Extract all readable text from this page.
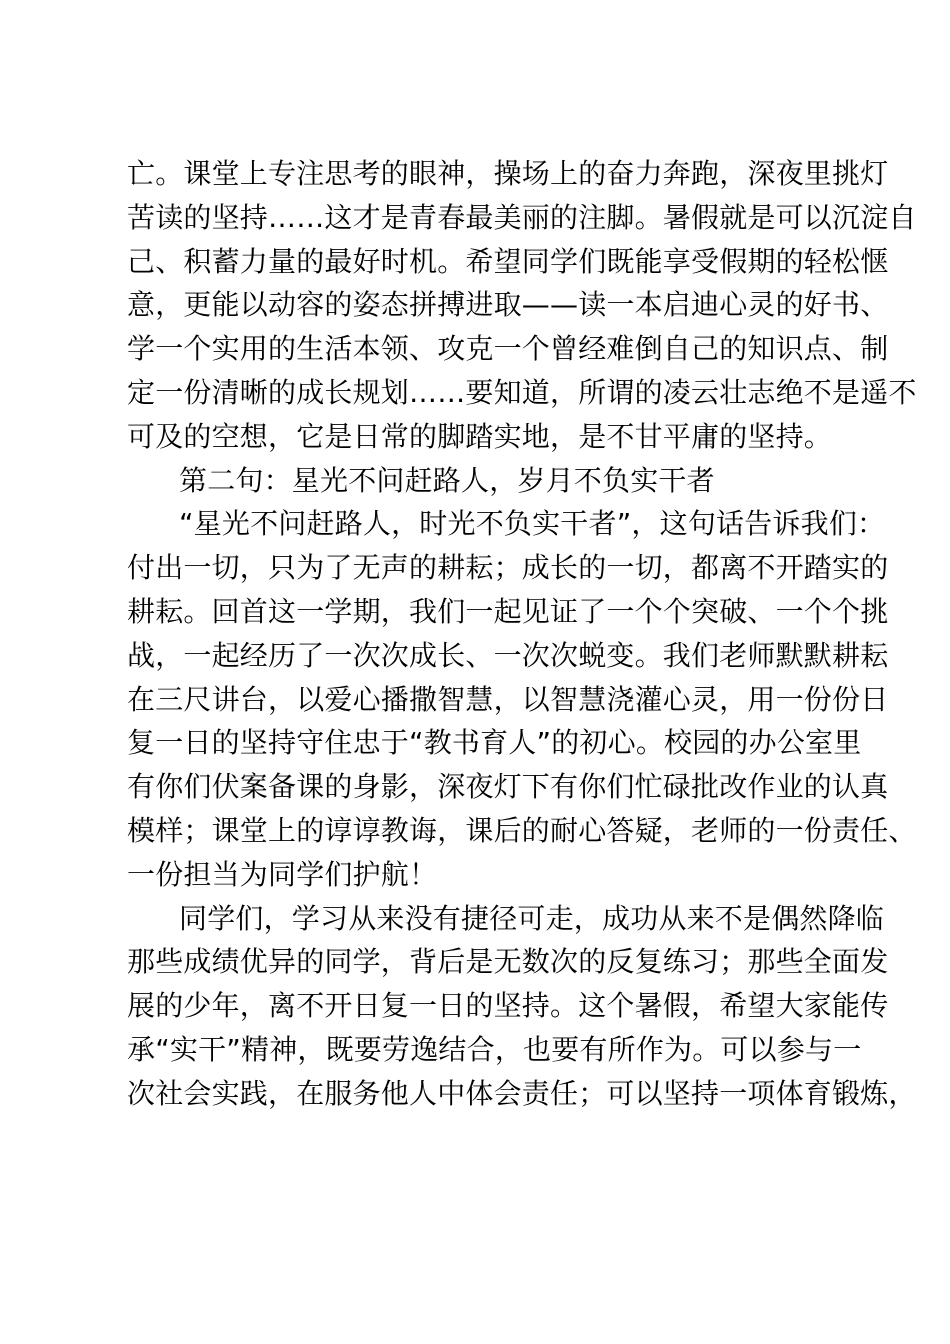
亡。课堂上专注思考的眼神，操场上的奋力奔跑，深夜里挑灯
苦读的坚持……这才是青春最美丽的注脚。暑假就是可以沉淀自
己、积蓄力量的最好时机。希望同学们既能享受假期的轻松惬
意，更能以动容的姿态拼搏进取——读一本启迪心灵的好书、
学一个实用的生活本领、攻克一个曾经难倒自己的知识点、制
定一份清晰的成长规划……要知道，所谓的凌云壮志绝不是遥不
可及的空想，它是日常的脚踏实地，是不甘平庸的坚持。
第二句：星光不问赶路人，岁月不负实干者
“星光不问赶路人，时光不负实干者”，这句话告诉我们：
付出一切，只为了无声的耕耘；成长的一切，都离不开踏实的
耕耘。回首这一学期，我们一起见证了一个个突破、一个个挑
战，一起经历了一次次成长、一次次蜕变。我们老师默默耕耘
在三尺讲台，以爱心播撒智慧，以智慧浇灌心灵，用一份份日
复一日的坚持守住忠于“教书育人”的初心。校园的办公室里
有你们伏案备课的身影，深夜灯下有你们忙碌批改作业的认真
模样；课堂上的谆谆教诲，课后的耐心答疑，老师的一份责任、
一份担当为同学们护航！
同学们，学习从来没有捷径可走，成功从来不是偶然降临
那些成绩优异的同学，背后是无数次的反复练习；那些全面发
展的少年，离不开日复一日的坚持。这个暑假，希望大家能传
承“实干”精神，既要劳逸结合，也要有所作为。可以参与一
次社会实践，在服务他人中体会责任；可以坚持一项体育锻炼，
